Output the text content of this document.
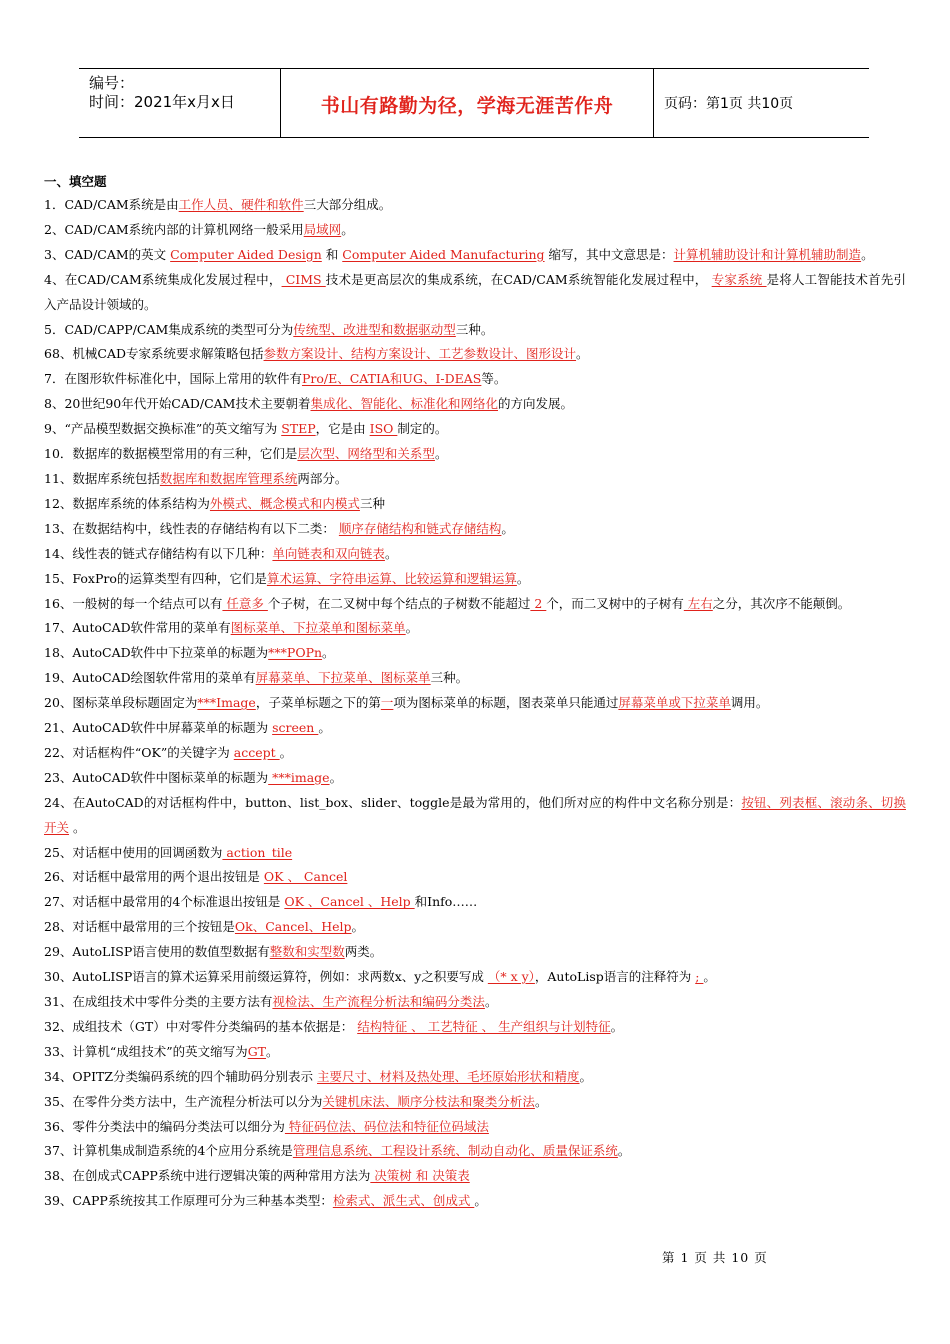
编号：
时间：2021年x月x日	书山有路勤为径，学海无涯苦作舟	页码：第1页 共10页
一、填空题
1．CAD/CAM系统是由工作人员、硬件和软件三大部分组成。
2、CAD/CAM系统内部的计算机网络一般采用局域网。
3、CAD/CAM的英文 Computer Aided Design 和 Computer Aided Manufacturing 缩写，其中文意思是：计算机辅助设计和计算机辅助制造。
4、在CAD/CAM系统集成化发展过程中， CIMS 技术是更高层次的集成系统，在CAD/CAM系统智能化发展过程中， 专家系统 是将人工智能技术首先引入产品设计领域的。
5．CAD/CAPP/CAM集成系统的类型可分为传统型、改进型和数据驱动型三种。
68、机械CAD专家系统要求解策略包括参数方案设计、结构方案设计、工艺参数设计、图形设计。
7．在图形软件标准化中，国际上常用的软件有Pro/E、CATIA和UG、I-DEAS等。
8、20世纪90年代开始CAD/CAM技术主要朝着集成化、智能化、标准化和网络化的方向发展。
9、“产品模型数据交换标准”的英文缩写为 STEP，它是由 ISO 制定的。
10．数据库的数据模型常用的有三种，它们是层次型、网络型和关系型。
11、数据库系统包括数据库和数据库管理系统两部分。
12、数据库系统的体系结构为外模式、概念模式和内模式三种
13、在数据结构中，线性表的存储结构有以下二类： 顺序存储结构和链式存储结构。
14、线性表的链式存储结构有以下几种：单向链表和双向链表。
15、FoxPro的运算类型有四种，它们是算术运算、字符串运算、比较运算和逻辑运算。
16、一般树的每一个结点可以有 任意多 个子树，在二叉树中每个结点的子树数不能超过 2 个，而二叉树中的子树有 左右之分，其次序不能颠倒。
17、AutoCAD软件常用的菜单有图标菜单、下拉菜单和图标菜单。
18、AutoCAD软件中下拉菜单的标题为***POPn。
19、AutoCAD绘图软件常用的菜单有屏幕菜单、下拉菜单、图标菜单三种。
20、图标菜单段标题固定为***Image，子菜单标题之下的第一项为图标菜单的标题，图表菜单只能通过屏幕菜单或下拉菜单调用。
21、AutoCAD软件中屏幕菜单的标题为 screen 。
22、对话框构件“OK”的关键字为 accept 。
23、AutoCAD软件中图标菜单的标题为 ***image。
24、在AutoCAD的对话框构件中，button、list_box、slider、toggle是最为常用的，他们所对应的构件中文名称分别是：按钮、列表框、滚动条、切换开关 。
25、对话框中使用的回调函数为 action_tile
26、对话框中最常用的两个退出按钮是 OK 、 Cancel
27、对话框中最常用的4个标准退出按钮是 OK 、Cancel 、Help 和Info……
28、对话框中最常用的三个按钮是Ok、Cancel、Help。
29、AutoLISP语言使用的数值型数据有整数和实型数两类。
30、AutoLISP语言的算术运算采用前缀运算符，例如：求两数x、y之积要写成 （* x y），AutoLisp语言的注释符为 ; 。
31、在成组技术中零件分类的主要方法有视检法、生产流程分析法和编码分类法。
32、成组技术（GT）中对零件分类编码的基本依据是： 结构特征 、 工艺特征 、 生产组织与计划特征。
33、计算机“成组技术”的英文缩写为GT。
34、OPITZ分类编码系统的四个辅助码分别表示 主要尺寸、材料及热处理、毛坯原始形状和精度。
35、在零件分类方法中，生产流程分析法可以分为关键机床法、顺序分枝法和聚类分析法。
36、零件分类法中的编码分类法可以细分为 特征码位法、码位法和特征位码域法
37、计算机集成制造系统的4个应用分系统是管理信息系统、工程设计系统、制动自动化、质量保证系统。
38、在创成式CAPP系统中进行逻辑决策的两种常用方法为 决策树 和 决策表
39、CAPP系统按其工作原理可分为三种基本类型：检索式、派生式、创成式 。
第 1 页 共 10 页
